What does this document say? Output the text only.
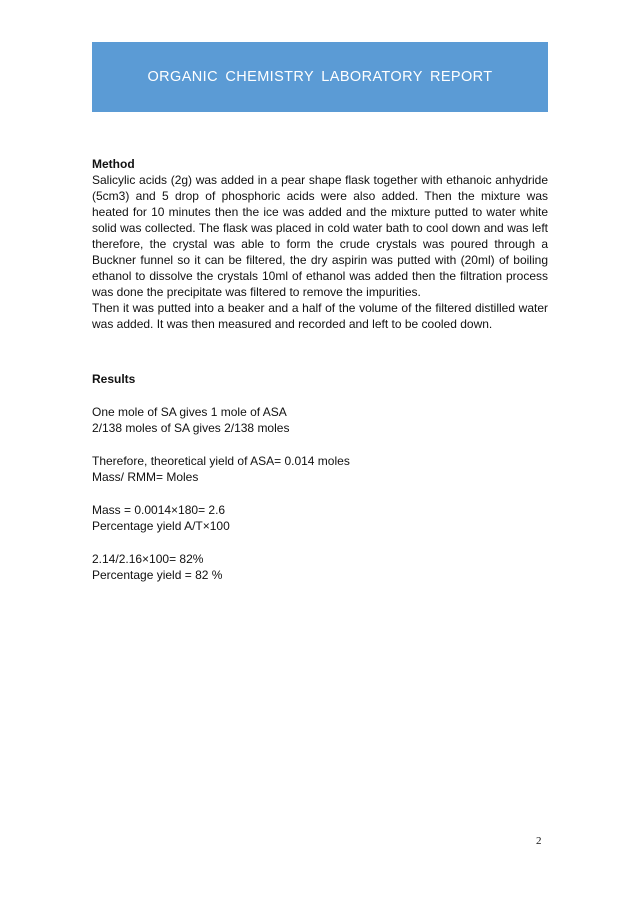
ORGANIC CHEMISTRY LABORATORY REPORT

Method

Salicylic acids (2g) was added in a pear shape flask together with ethanoic anhydride (5cm3) and 5 drop of phosphoric acids were also added. Then the mixture was heated for 10 minutes then the ice was added and the mixture putted to water white solid was collected. The flask was placed in cold water bath to cool down and was left therefore, the crystal was able to form the crude crystals was poured through a Buckner funnel so it can be filtered, the dry aspirin was putted with (20ml) of boiling ethanol to dissolve the crystals 10ml of ethanol was added then the filtration process was done the precipitate was filtered to remove the impurities.

Then it was putted into a beaker and a half of the volume of the filtered distilled water was added. It was then measured and recorded and left to be cooled down.

Results

One mole of SA gives 1 mole of ASA

2/138 moles of SA gives 2/138 moles

Therefore, theoretical yield of ASA= 0.014 moles

Mass/ RMM= Moles

Mass = 0.0014×180= 2.6

Percentage yield A/T×100

2.14/2.16×100= 82%

Percentage yield = 82 %

2
